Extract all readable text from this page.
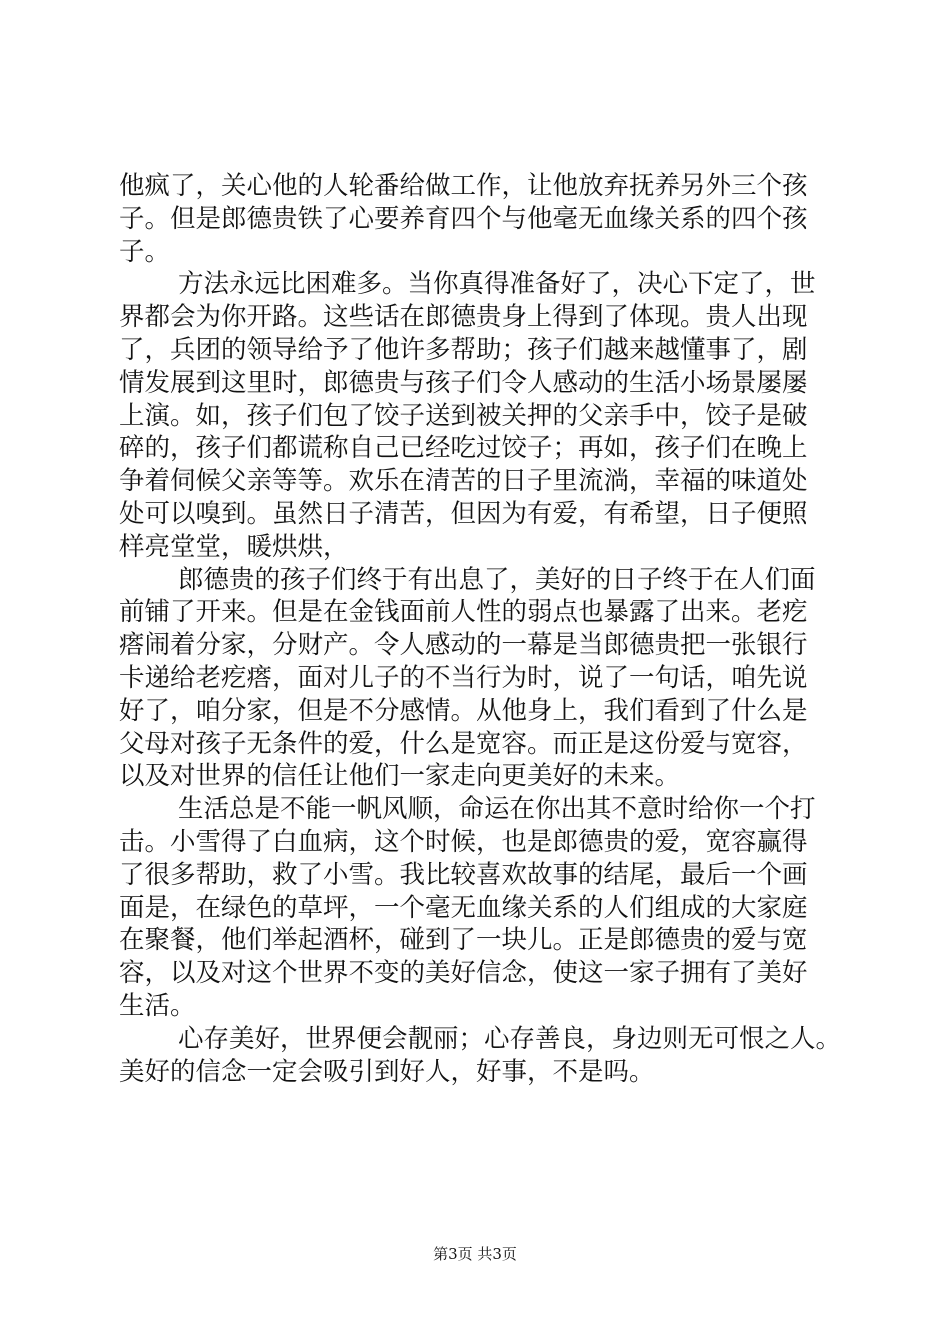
他疯了，关心他的人轮番给做工作，让他放弃抚养另外三个孩
子。但是郎德贵铁了心要养育四个与他毫无血缘关系的四个孩
子。
方法永远比困难多。当你真得准备好了，决心下定了，世
界都会为你开路。这些话在郎德贵身上得到了体现。贵人出现
了，兵团的领导给予了他许多帮助；孩子们越来越懂事了，剧
情发展到这里时，郎德贵与孩子们令人感动的生活小场景屡屡
上演。如，孩子们包了饺子送到被关押的父亲手中，饺子是破
碎的，孩子们都谎称自己已经吃过饺子；再如，孩子们在晚上
争着伺候父亲等等。欢乐在清苦的日子里流淌，幸福的味道处
处可以嗅到。虽然日子清苦，但因为有爱，有希望，日子便照
样亮堂堂，暖烘烘，
郎德贵的孩子们终于有出息了，美好的日子终于在人们面
前铺了开来。但是在金钱面前人性的弱点也暴露了出来。老疙
瘩闹着分家，分财产。令人感动的一幕是当郎德贵把一张银行
卡递给老疙瘩，面对儿子的不当行为时，说了一句话，咱先说
好了，咱分家，但是不分感情。从他身上，我们看到了什么是
父母对孩子无条件的爱，什么是宽容。而正是这份爱与宽容，
以及对世界的信任让他们一家走向更美好的未来。
生活总是不能一帆风顺，命运在你出其不意时给你一个打
击。小雪得了白血病，这个时候，也是郎德贵的爱，宽容赢得
了很多帮助，救了小雪。我比较喜欢故事的结尾，最后一个画
面是，在绿色的草坪，一个毫无血缘关系的人们组成的大家庭
在聚餐，他们举起酒杯，碰到了一块儿。正是郎德贵的爱与宽
容，以及对这个世界不变的美好信念，使这一家子拥有了美好
生活。
心存美好，世界便会靓丽；心存善良，身边则无可恨之人。
美好的信念一定会吸引到好人，好事，不是吗。
第3页 共3页
